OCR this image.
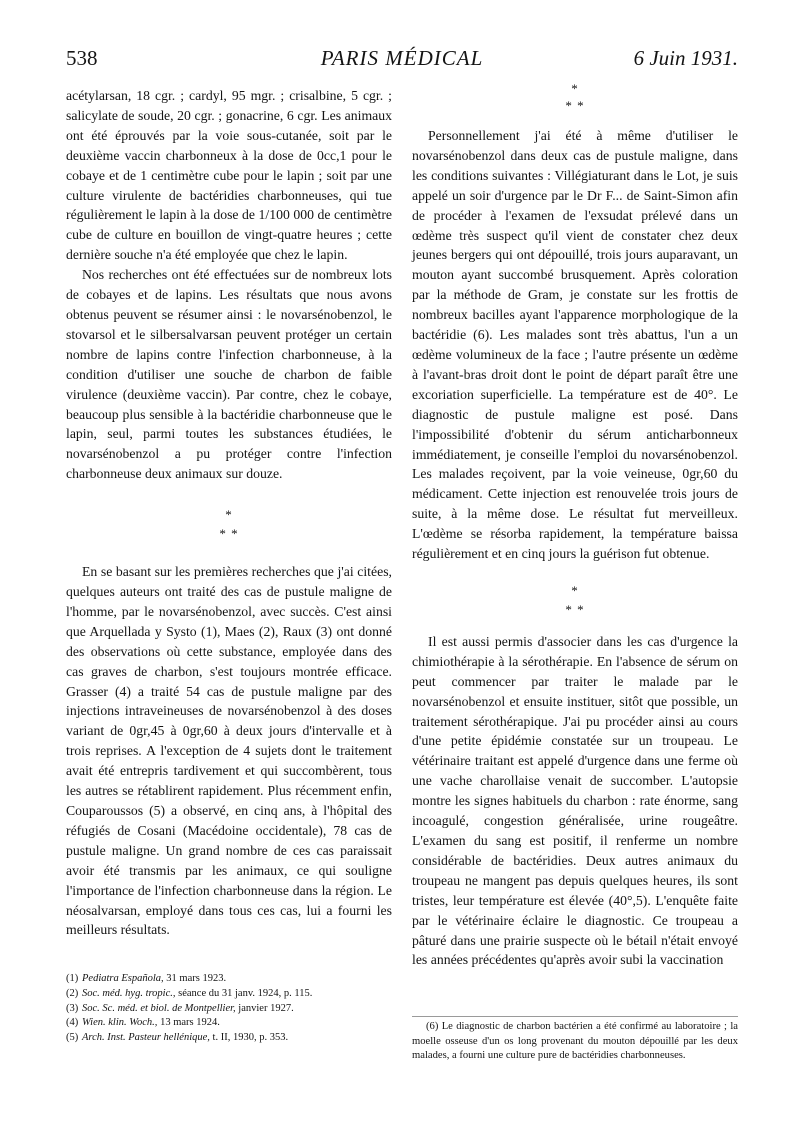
538	PARIS MÉDICAL	6 Juin 1931.

acétylarsan, 18 cgr. ; cardyl, 95 mgr. ; crisalbine, 5 cgr. ; salicylate de soude, 20 cgr. ; gonacrine, 6 cgr. Les animaux ont été éprouvés par la voie sous-cutanée, soit par le deuxième vaccin charbonneux à la dose de 0cc,1 pour le cobaye et de 1 centimètre cube pour le lapin ; soit par une culture virulente de bactéridies charbonneuses, qui tue régulièrement le lapin à la dose de 1/100 000 de centimètre cube de culture en bouillon de vingt-quatre heures ; cette dernière souche n'a été employée que chez le lapin.

Nos recherches ont été effectuées sur de nombreux lots de cobayes et de lapins. Les résultats que nous avons obtenus peuvent se résumer ainsi : le novarsénobenzol, le stovarsol et le silbersalvarsan peuvent protéger un certain nombre de lapins contre l'infection charbonneuse, à la condition d'utiliser une souche de charbon de faible virulence (deuxième vaccin). Par contre, chez le cobaye, beaucoup plus sensible à la bactéridie charbonneuse que le lapin, seul, parmi toutes les substances étudiées, le novarsénobenzol a pu protéger contre l'infection charbonneuse deux animaux sur douze.

*
* *

En se basant sur les premières recherches que j'ai citées, quelques auteurs ont traité des cas de pustule maligne de l'homme, par le novarsénobenzol, avec succès. C'est ainsi que Arquellada y Systo (1), Maes (2), Raux (3) ont donné des observations où cette substance, employée dans des cas graves de charbon, s'est toujours montrée efficace. Grasser (4) a traité 54 cas de pustule maligne par des injections intraveineuses de novarsénobenzol à des doses variant de 0gr,45 à 0gr,60 à deux jours d'intervalle et à trois reprises. A l'exception de 4 sujets dont le traitement avait été entrepris tardivement et qui succombèrent, tous les autres se rétablirent rapidement. Plus récemment enfin, Couparoussos (5) a observé, en cinq ans, à l'hôpital des réfugiés de Cosani (Macédoine occidentale), 78 cas de pustule maligne. Un grand nombre de ces cas paraissait avoir été transmis par les animaux, ce qui souligne l'importance de l'infection charbonneuse dans la région. Le néosalvarsan, employé dans tous ces cas, lui a fourni les meilleurs résultats.

(1) Pediatra Española, 31 mars 1923.
(2) Soc. méd. hyg. tropic., séance du 31 janv. 1924, p. 115.
(3) Soc. Sc. méd. et biol. de Montpellier, janvier 1927.
(4) Wien. klin. Woch., 13 mars 1924.
(5) Arch. Inst. Pasteur hellénique, t. II, 1930, p. 353.
*
* *

Personnellement j'ai été à même d'utiliser le novarsénobenzol dans deux cas de pustule maligne, dans les conditions suivantes : Villégiaturant dans le Lot, je suis appelé un soir d'urgence par le Dr F... de Saint-Simon afin de procéder à l'examen de l'exsudat prélevé dans un œdème très suspect qu'il vient de constater chez deux jeunes bergers qui ont dépouillé, trois jours auparavant, un mouton ayant succombé brusquement. Après coloration par la méthode de Gram, je constate sur les frottis de nombreux bacilles ayant l'apparence morphologique de la bactéridie (6). Les malades sont très abattus, l'un a un œdème volumineux de la face ; l'autre présente un œdème à l'avant-bras droit dont le point de départ paraît être une excoriation superficielle. La température est de 40°. Le diagnostic de pustule maligne est posé. Dans l'impossibilité d'obtenir du sérum anticharbonneux immédiatement, je conseille l'emploi du novarsénobenzol. Les malades reçoivent, par la voie veineuse, 0gr,60 du médicament. Cette injection est renouvelée trois jours de suite, à la même dose. Le résultat fut merveilleux. L'œdème se résorba rapidement, la température baissa régulièrement et en cinq jours la guérison fut obtenue.

*
* *

Il est aussi permis d'associer dans les cas d'urgence la chimiothérapie à la sérothérapie. En l'absence de sérum on peut commencer par traiter le malade par le novarsénobenzol et ensuite instituer, sitôt que possible, un traitement sérothérapique. J'ai pu procéder ainsi au cours d'une petite épidémie constatée sur un troupeau. Le vétérinaire traitant est appelé d'urgence dans une ferme où une vache charollaise venait de succomber. L'autopsie montre les signes habituels du charbon : rate énorme, sang incoagulé, congestion généralisée, urine rougeâtre. L'examen du sang est positif, il renferme un nombre considérable de bactéridies. Deux autres animaux du troupeau ne mangent pas depuis quelques heures, ils sont tristes, leur température est élevée (40°,5). L'enquête faite par le vétérinaire éclaire le diagnostic. Ce troupeau a pâturé dans une prairie suspecte où le bétail n'était envoyé les années précédentes qu'après avoir subi la vaccination

(6) Le diagnostic de charbon bactérien a été confirmé au laboratoire ; la moelle osseuse d'un os long provenant du mouton dépouillé par les deux malades, a fourni une culture pure de bactéridies charbonneuses.
